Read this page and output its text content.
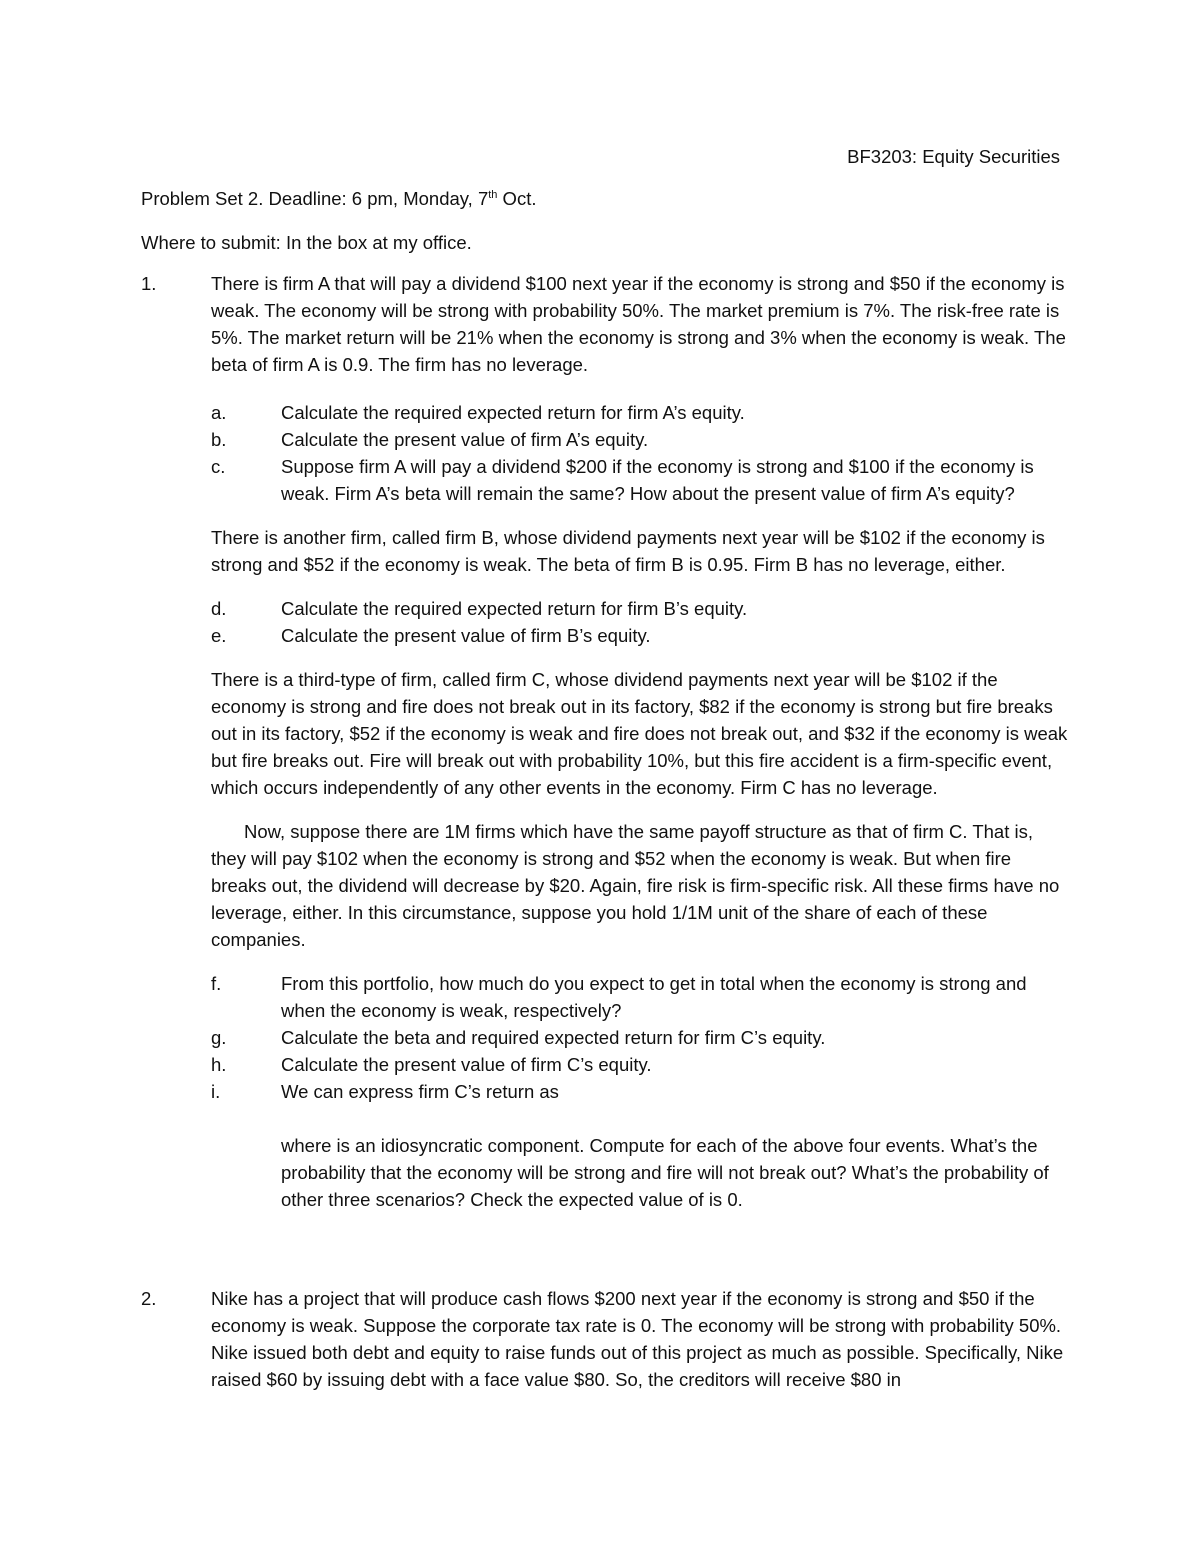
BF3203: Equity Securities

Problem Set 2. Deadline: 6 pm, Monday, 7th Oct.

Where to submit: In the box at my office.

1.	There is firm A that will pay a dividend $100 next year if the economy is strong and $50 if the economy is weak. The economy will be strong with probability 50%. The market premium is 7%. The risk-free rate is 5%. The market return will be 21% when the economy is strong and 3% when the economy is weak. The beta of firm A is 0.9. The firm has no leverage.

a.	Calculate the required expected return for firm A’s equity.
b.	Calculate the present value of firm A’s equity.
c.	Suppose firm A will pay a dividend $200 if the economy is strong and $100 if the economy is weak. Firm A’s beta will remain the same? How about the present value of firm A’s equity?

There is another firm, called firm B, whose dividend payments next year will be $102 if the economy is strong and $52 if the economy is weak. The beta of firm B is 0.95. Firm B has no leverage, either.

d.	Calculate the required expected return for firm B’s equity.
e.	Calculate the present value of firm B’s equity.

There is a third-type of firm, called firm C, whose dividend payments next year will be $102 if the economy is strong and fire does not break out in its factory, $82 if the economy is strong but fire breaks out in its factory, $52 if the economy is weak and fire does not break out, and $32 if the economy is weak but fire breaks out. Fire will break out with probability 10%, but this fire accident is a firm-specific event, which occurs independently of any other events in the economy. Firm C has no leverage.

Now, suppose there are 1M firms which have the same payoff structure as that of firm C. That is, they will pay $102 when the economy is strong and $52 when the economy is weak. But when fire breaks out, the dividend will decrease by $20. Again, fire risk is firm-specific risk. All these firms have no leverage, either. In this circumstance, suppose you hold 1/1M unit of the share of each of these companies.

f.	From this portfolio, how much do you expect to get in total when the economy is strong and when the economy is weak, respectively?
g.	Calculate the beta and required expected return for firm C’s equity.
h.	Calculate the present value of firm C’s equity.
i.	We can express firm C’s return as

where is an idiosyncratic component. Compute for each of the above four events. What’s the probability that the economy will be strong and fire will not break out? What’s the probability of other three scenarios? Check the expected value of is 0.

2.	Nike has a project that will produce cash flows $200 next year if the economy is strong and $50 if the economy is weak. Suppose the corporate tax rate is 0. The economy will be strong with probability 50%. Nike issued both debt and equity to raise funds out of this project as much as possible. Specifically, Nike raised $60 by issuing debt with a face value $80. So, the creditors will receive $80 in
